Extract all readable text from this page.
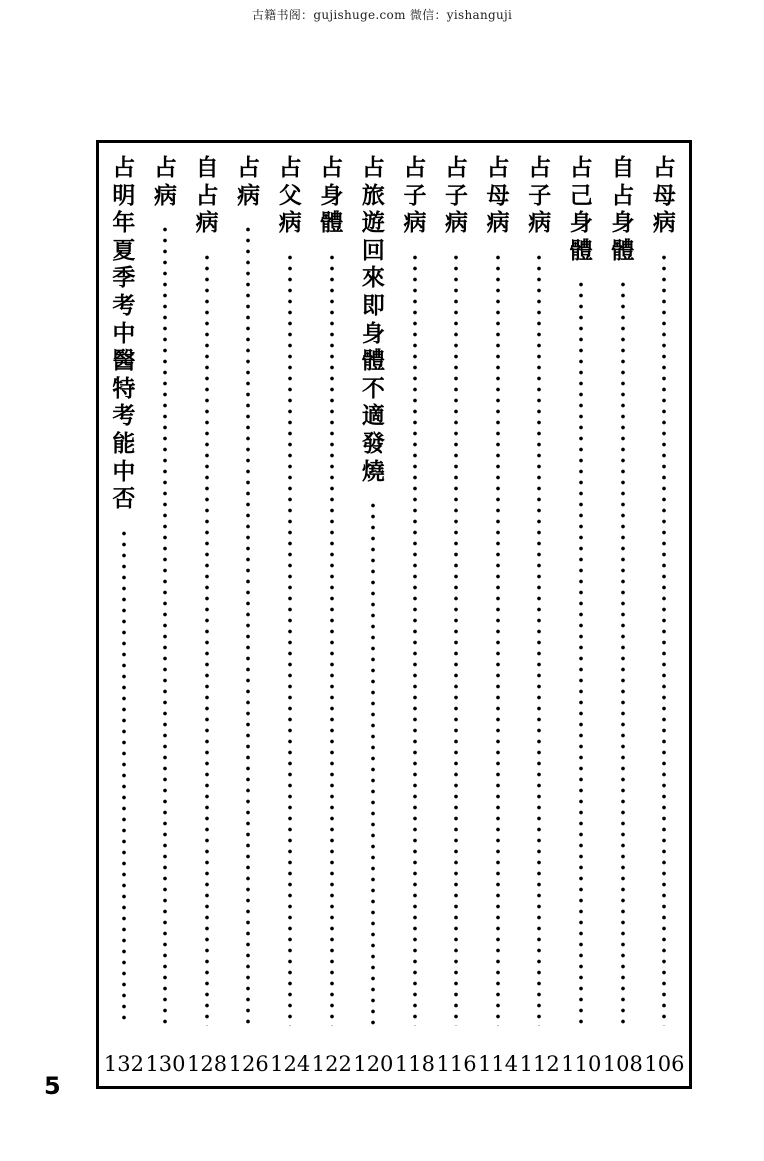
古籍书阁：gujishuge.com 微信：yishanguji
占
母
病
106
自
占
身
體
108
占
己
身
體
110
占
子
病
112
占
母
病
114
占
子
病
116
占
子
病
118
占
旅
遊
回
來
即
身
體
不
適
發
燒
120
占
身
體
122
占
父
病
124
占
病
126
自
占
病
128
占
病
130
占
明
年
夏
季
考
中
醫
特
考
能
中
否
132
5
